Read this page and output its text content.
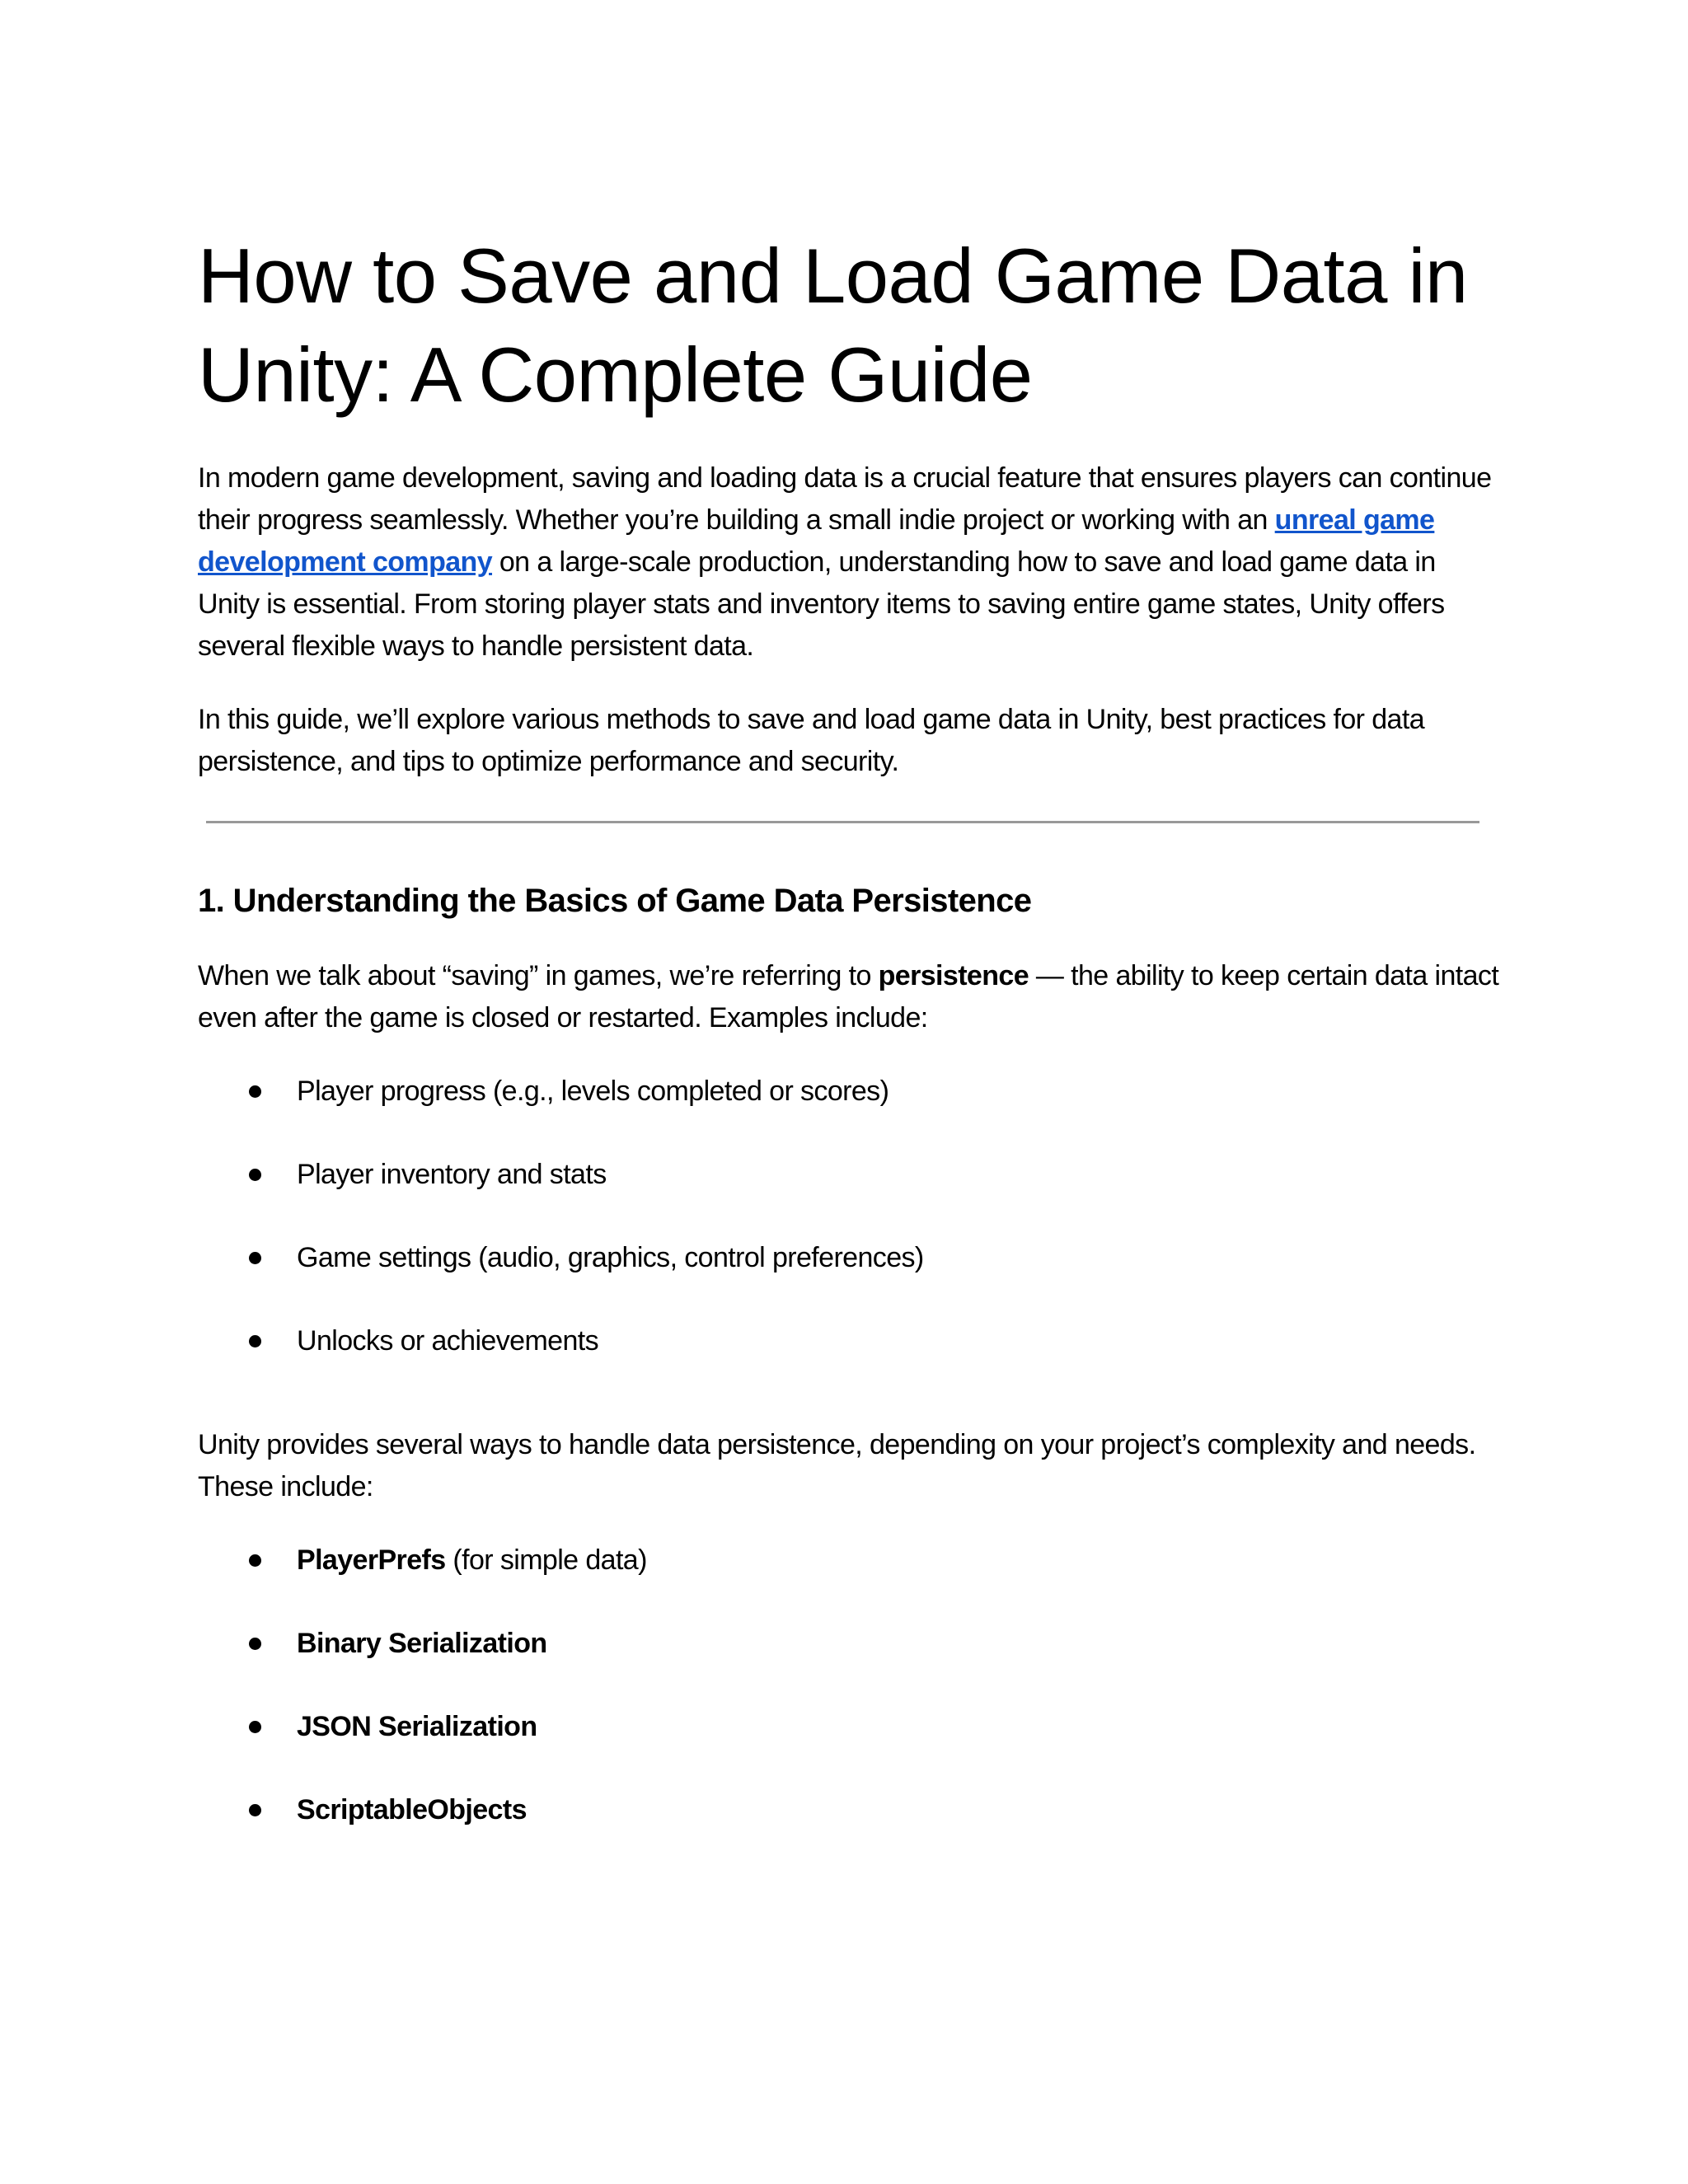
How to Save and Load Game Data in Unity: A Complete Guide

In modern game development, saving and loading data is a crucial feature that ensures players can continue their progress seamlessly. Whether you’re building a small indie project or working with an unreal game development company on a large-scale production, understanding how to save and load game data in Unity is essential. From storing player stats and inventory items to saving entire game states, Unity offers several flexible ways to handle persistent data.

In this guide, we’ll explore various methods to save and load game data in Unity, best practices for data persistence, and tips to optimize performance and security.

1. Understanding the Basics of Game Data Persistence

When we talk about “saving” in games, we’re referring to persistence — the ability to keep certain data intact even after the game is closed or restarted. Examples include:

Player progress (e.g., levels completed or scores)
Player inventory and stats
Game settings (audio, graphics, control preferences)
Unlocks or achievements

Unity provides several ways to handle data persistence, depending on your project’s complexity and needs. These include:

PlayerPrefs (for simple data)
Binary Serialization
JSON Serialization
ScriptableObjects
